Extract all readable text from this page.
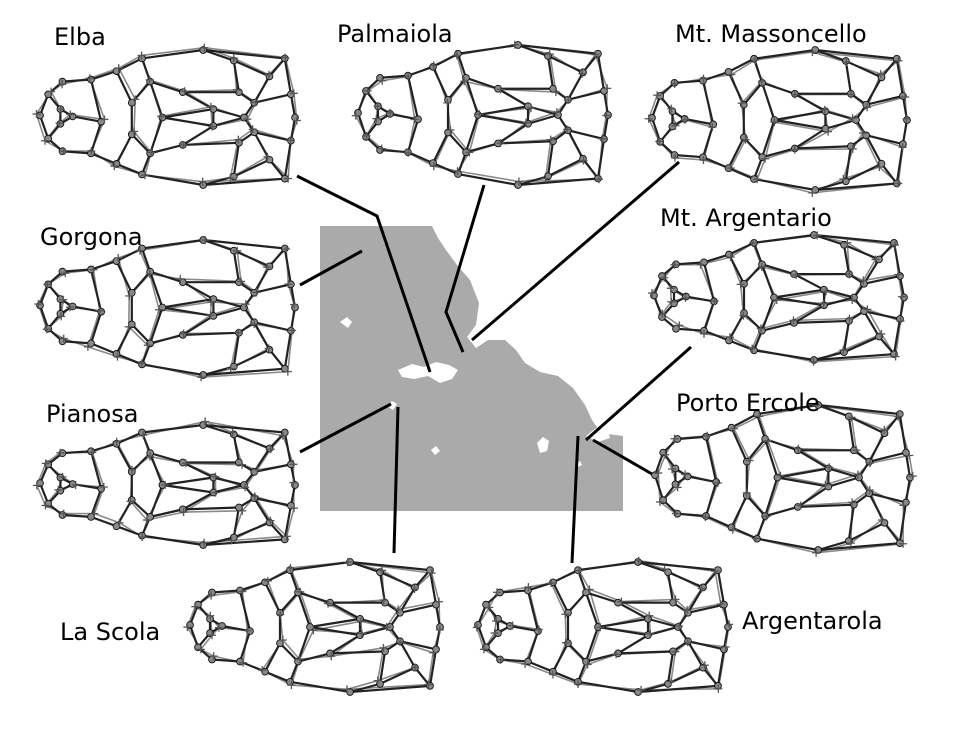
Elba	Palmaiola	Mt. Massoncello
Gorgona
Mt. Argentario
Pianosa	Porto Ercole
La Scola	Argentarola
